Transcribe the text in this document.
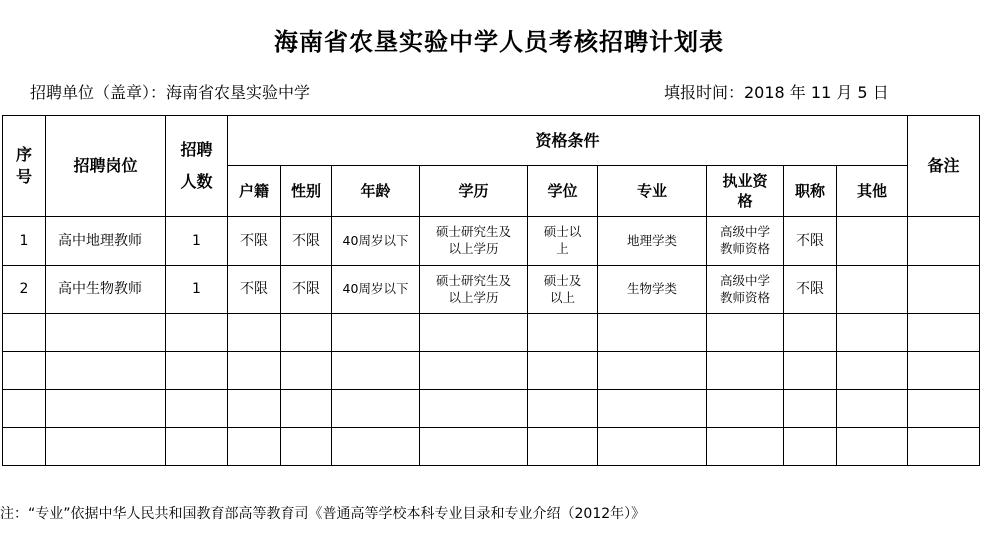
海南省农垦实验中学人员考核招聘计划表
招聘单位（盖章）：海南省农垦实验中学	填报时间：2018 年 11 月 5 日
序号	招聘岗位	招聘人数	资格条件									备注
			户籍	性别	年龄	学历	学位	专业	执业资格	职称	其他	
1	高中地理教师	1	不限	不限	40周岁以下	硕士研究生及以上学历	硕士以上	地理学类	高级中学教师资格	不限		
2	高中生物教师	1	不限	不限	40周岁以下	硕士研究生及以上学历	硕士及以上	生物学类	高级中学教师资格	不限		

注：“专业”依据中华人民共和国教育部高等教育司《普通高等学校本科专业目录和专业介绍（2012年）》
